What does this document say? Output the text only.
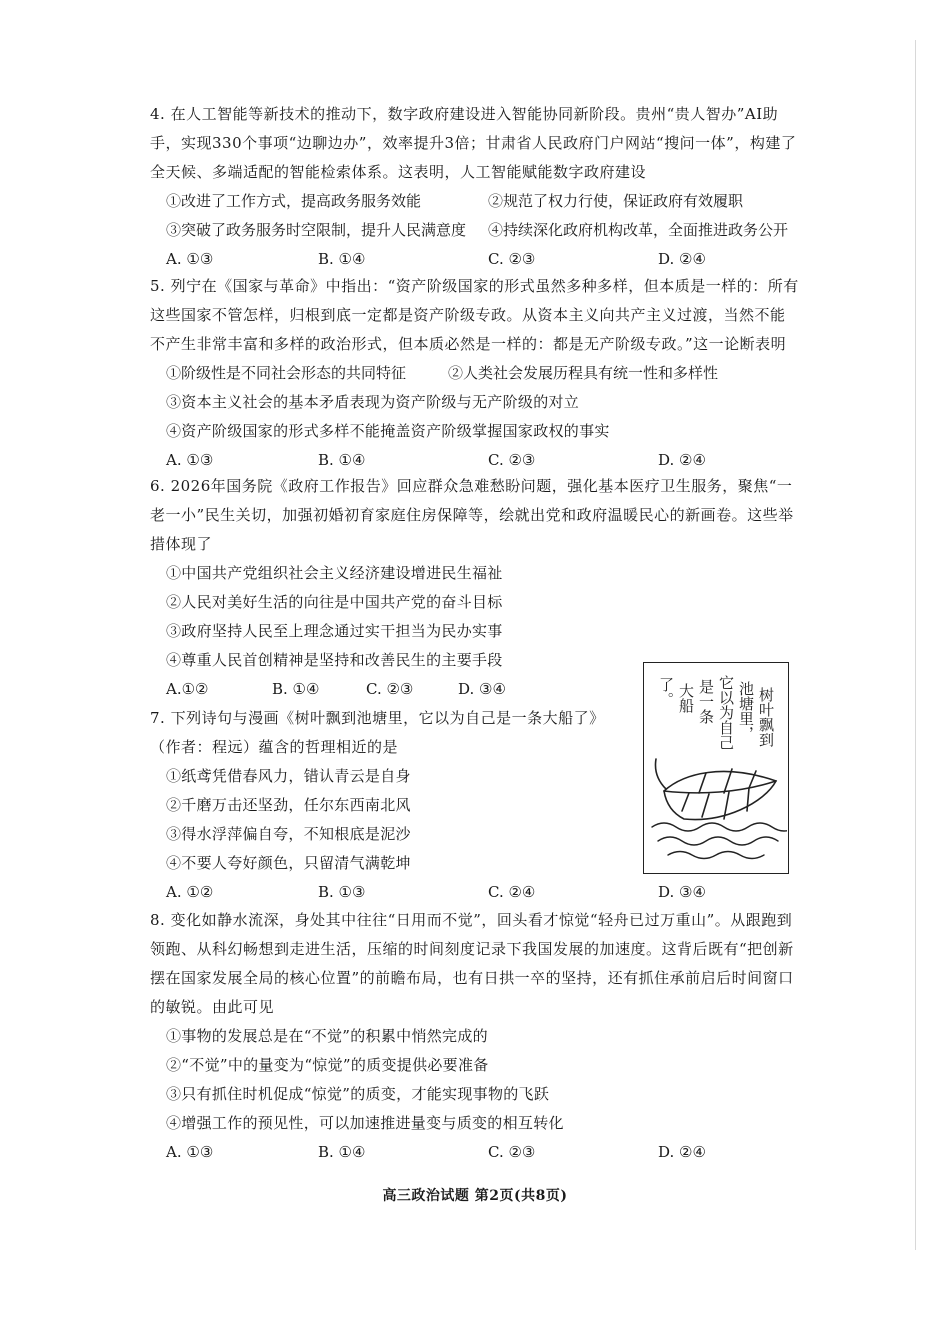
4. 在人工智能等新技术的推动下，数字政府建设进入智能协同新阶段。贵州“贵人智办”AI助手，实现330个事项“边聊边办”，效率提升3倍；甘肃省人民政府门户网站“搜问一体”，构建了全天候、多端适配的智能检索体系。这表明，人工智能赋能数字政府建设

①改进了工作方式，提高政务服务效能	②规范了权力行使，保证政府有效履职
③突破了政务服务时空限制，提升人民满意度 ④持续深化政府机构改革，全面推进政务公开
A. ①③	B. ①④	C. ②③	D. ②④

5. 列宁在《国家与革命》中指出：“资产阶级国家的形式虽然多种多样，但本质是一样的：所有这些国家不管怎样，归根到底一定都是资产阶级专政。从资本主义向共产主义过渡，当然不能不产生非常丰富和多样的政治形式，但本质必然是一样的：都是无产阶级专政。”这一论断表明

①阶级性是不同社会形态的共同特征	②人类社会发展历程具有统一性和多样性
③资本主义社会的基本矛盾表现为资产阶级与无产阶级的对立
④资产阶级国家的形式多样不能掩盖资产阶级掌握国家政权的事实
A. ①③	B. ①④	C. ②③	D. ②④

6. 2026年国务院《政府工作报告》回应群众急难愁盼问题，强化基本医疗卫生服务，聚焦“一老一小”民生关切，加强初婚初育家庭住房保障等，绘就出党和政府温暖民心的新画卷。这些举措体现了

①中国共产党组织社会主义经济建设增进民生福祉
②人民对美好生活的向往是中国共产党的奋斗目标
③政府坚持人民至上理念通过实干担当为民办实事
④尊重人民首创精神是坚持和改善民生的主要手段
A.①②	B. ①④	C. ②③	D. ③④

7. 下列诗句与漫画《树叶飘到池塘里，它以为自己是一条大船了》（作者：程远）蕴含的哲理相近的是

①纸鸢凭借春风力，错认青云是自身
②千磨万击还坚劲，任尔东西南北风
③得水浮萍偏自夸，不知根底是泥沙
④不要人夸好颜色，只留清气满乾坤
A. ①②	B. ①③	C. ②④	D. ③④
树叶飘到
池塘里，
它以为自己
是一条
大船
了。

8. 变化如静水流深，身处其中往往“日用而不觉”，回头看才惊觉“轻舟已过万重山”。从跟跑到领跑、从科幻畅想到走进生活，压缩的时间刻度记录下我国发展的加速度。这背后既有“把创新摆在国家发展全局的核心位置”的前瞻布局，也有日拱一卒的坚持，还有抓住承前启后时间窗口的敏锐。由此可见

①事物的发展总是在“不觉”的积累中悄然完成的
②“不觉”中的量变为“惊觉”的质变提供必要准备
③只有抓住时机促成“惊觉”的质变，才能实现事物的飞跃
④增强工作的预见性，可以加速推进量变与质变的相互转化
A. ①③	B. ①④	C. ②③	D. ②④
高三政治试题 第2页(共8页)
